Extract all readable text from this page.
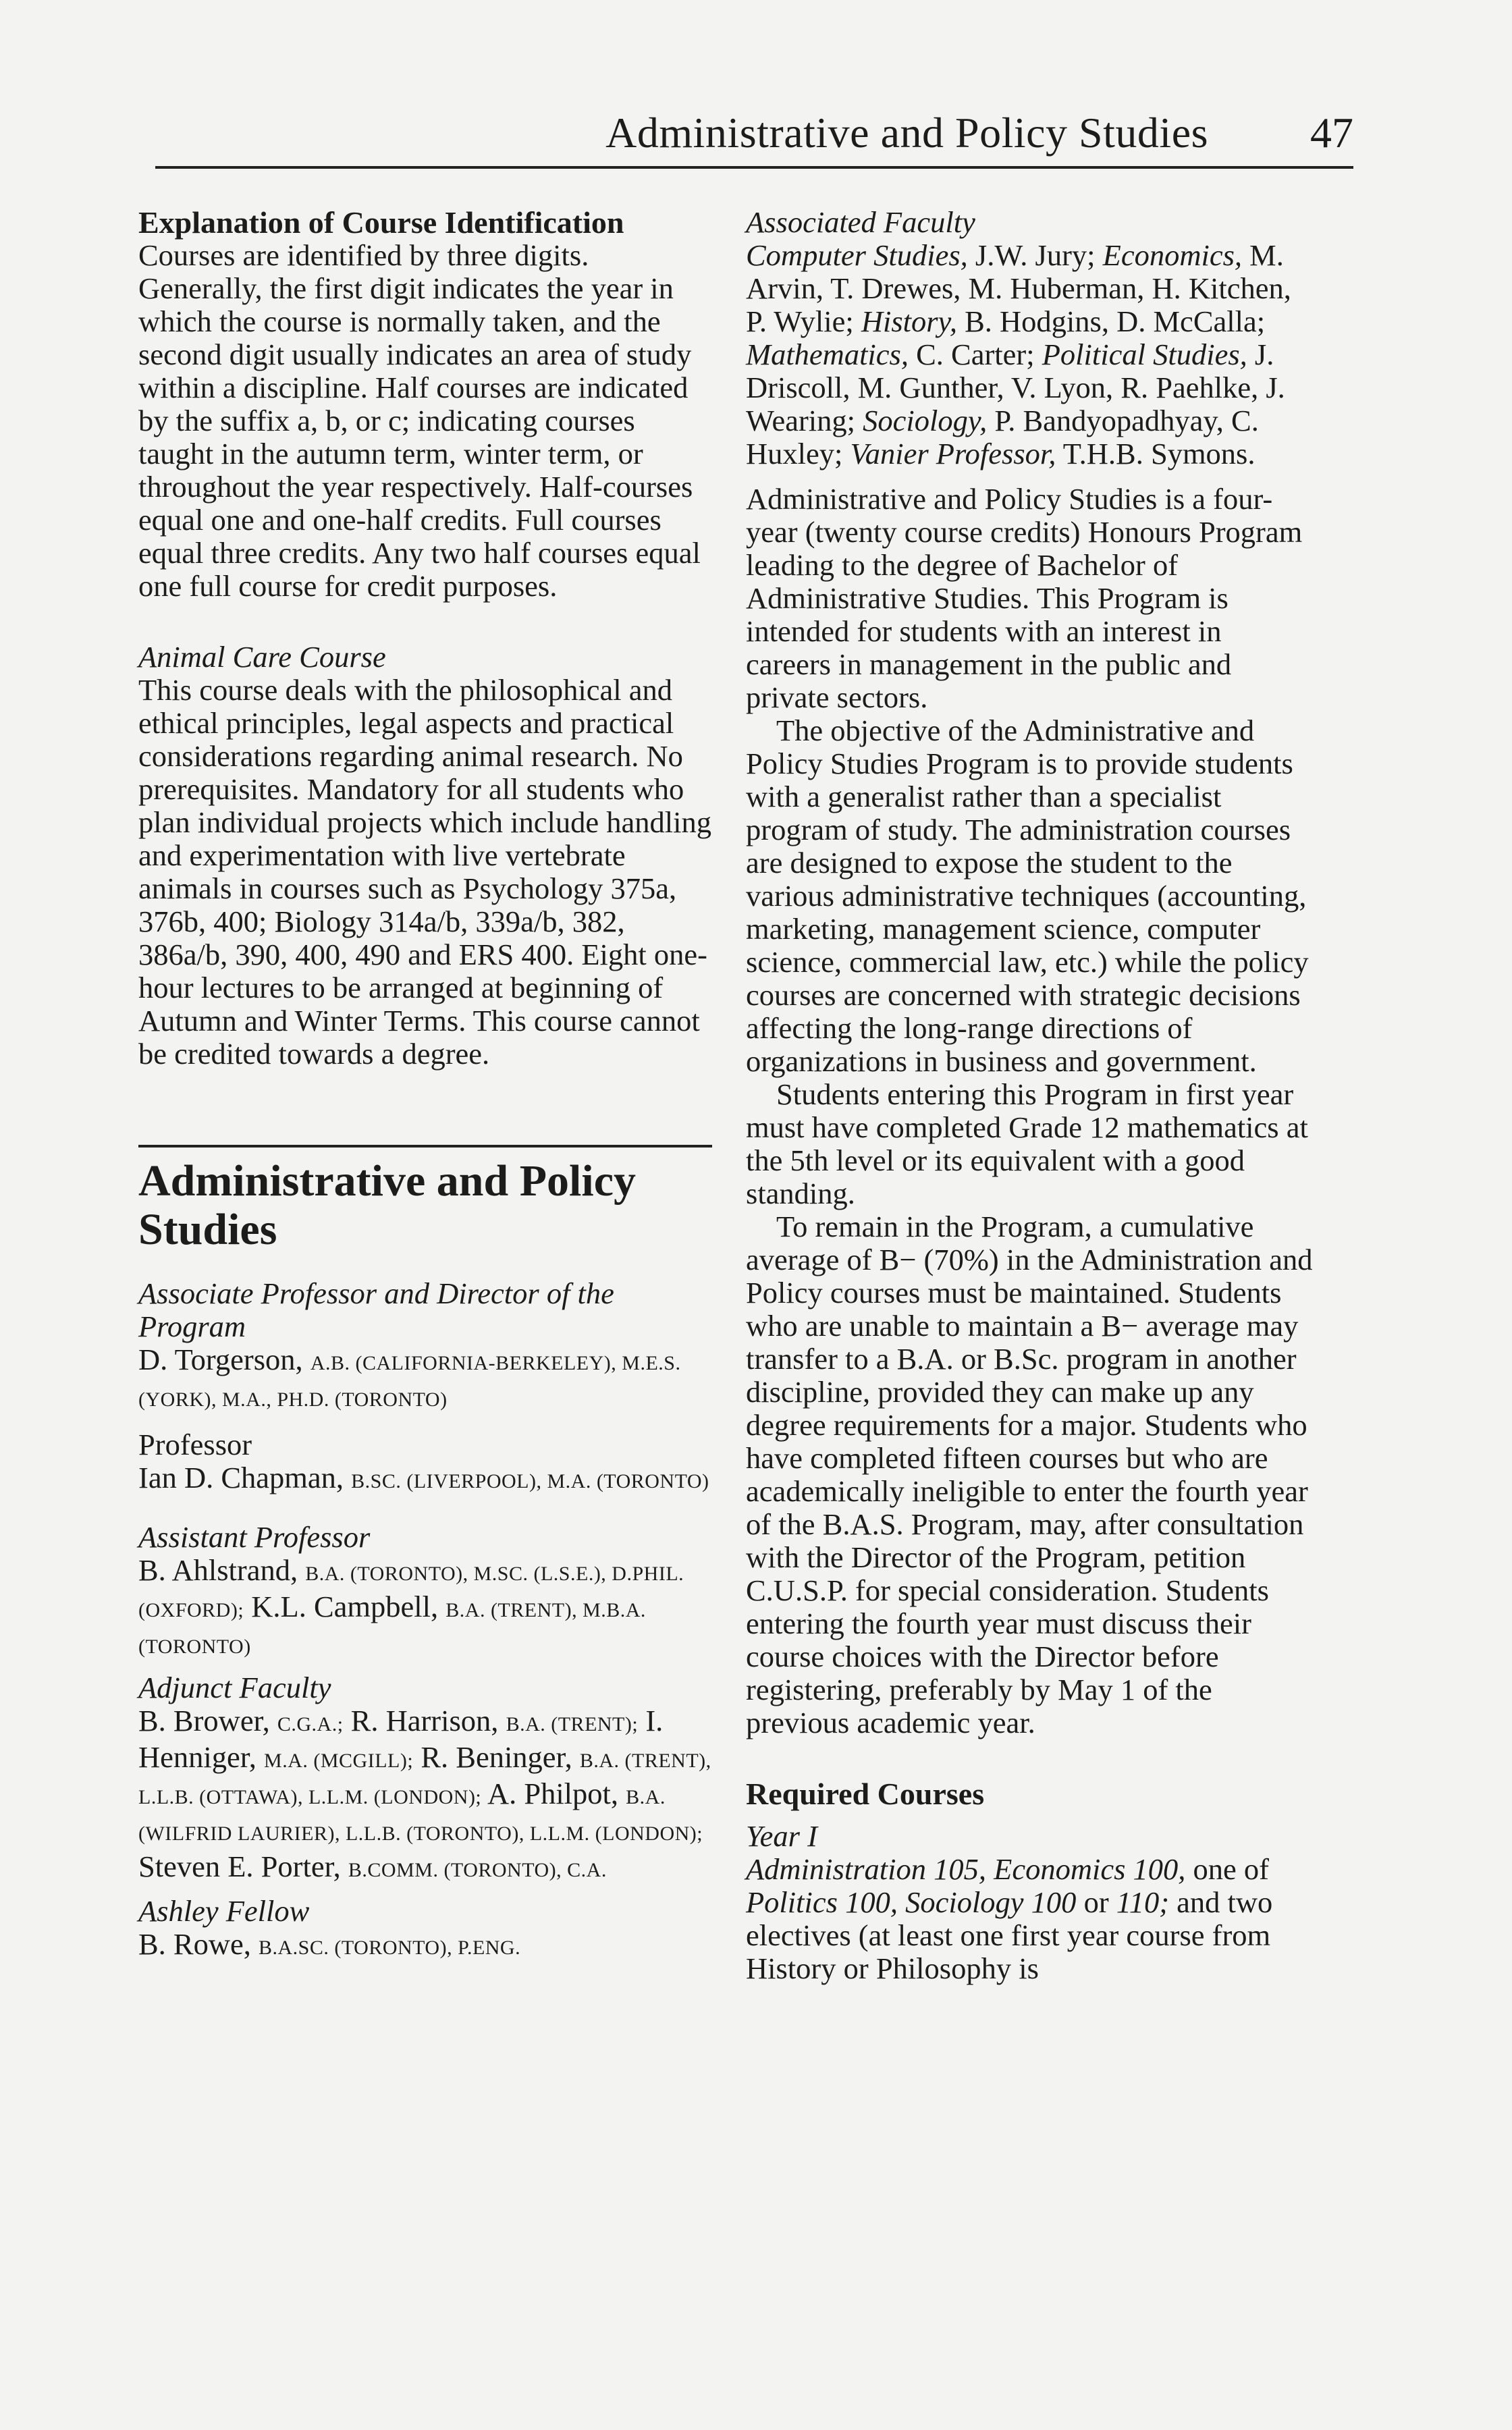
Administrative and Policy Studies 47

Explanation of Course Identification

Courses are identified by three digits. Generally, the first digit indicates the year in which the course is normally taken, and the second digit usually indicates an area of study within a discipline. Half courses are indicated by the suffix a, b, or c; indicating courses taught in the autumn term, winter term, or throughout the year respectively. Half-courses equal one and one-half credits. Full courses equal three credits. Any two half courses equal one full course for credit purposes.

Animal Care Course

This course deals with the philosophical and ethical principles, legal aspects and practical considerations regarding animal research. No prerequisites. Mandatory for all students who plan individual projects which include handling and experimentation with live vertebrate animals in courses such as Psychology 375a, 376b, 400; Biology 314a/b, 339a/b, 382, 386a/b, 390, 400, 490 and ERS 400. Eight one-hour lectures to be arranged at beginning of Autumn and Winter Terms. This course cannot be credited towards a degree.

Administrative and Policy Studies

Associate Professor and Director of the Program

D. Torgerson, A.B. (CALIFORNIA-BERKELEY), M.E.S. (YORK), M.A., PH.D. (TORONTO)

Professor

Ian D. Chapman, B.SC. (LIVERPOOL), M.A. (TORONTO)

Assistant Professor

B. Ahlstrand, B.A. (TORONTO), M.SC. (L.S.E.), D.PHIL. (OXFORD); K.L. Campbell, B.A. (TRENT), M.B.A. (TORONTO)

Adjunct Faculty

B. Brower, C.G.A.; R. Harrison, B.A. (TRENT); I. Henniger, M.A. (MCGILL); R. Beninger, B.A. (TRENT), L.L.B. (OTTAWA), L.L.M. (LONDON); A. Philpot, B.A. (WILFRID LAURIER), L.L.B. (TORONTO), L.L.M. (LONDON); Steven E. Porter, B.COMM. (TORONTO), C.A.

Ashley Fellow

B. Rowe, B.A.SC. (TORONTO), P.ENG.

Associated Faculty

Computer Studies, J.W. Jury; Economics, M. Arvin, T. Drewes, M. Huberman, H. Kitchen, P. Wylie; History, B. Hodgins, D. McCalla; Mathematics, C. Carter; Political Studies, J. Driscoll, M. Gunther, V. Lyon, R. Paehlke, J. Wearing; Sociology, P. Bandyopadhyay, C. Huxley; Vanier Professor, T.H.B. Symons.

Administrative and Policy Studies is a four-year (twenty course credits) Honours Program leading to the degree of Bachelor of Administrative Studies. This Program is intended for students with an interest in careers in management in the public and private sectors.

The objective of the Administrative and Policy Studies Program is to provide students with a generalist rather than a specialist program of study. The administration courses are designed to expose the student to the various administrative techniques (accounting, marketing, management science, computer science, commercial law, etc.) while the policy courses are concerned with strategic decisions affecting the long-range directions of organizations in business and government.

Students entering this Program in first year must have completed Grade 12 mathematics at the 5th level or its equivalent with a good standing.

To remain in the Program, a cumulative average of B− (70%) in the Administration and Policy courses must be maintained. Students who are unable to maintain a B− average may transfer to a B.A. or B.Sc. program in another discipline, provided they can make up any degree requirements for a major. Students who have completed fifteen courses but who are academically ineligible to enter the fourth year of the B.A.S. Program, may, after consultation with the Director of the Program, petition C.U.S.P. for special consideration. Students entering the fourth year must discuss their course choices with the Director before registering, preferably by May 1 of the previous academic year.

Required Courses

Year I

Administration 105, Economics 100, one of Politics 100, Sociology 100 or 110; and two electives (at least one first year course from History or Philosophy is
